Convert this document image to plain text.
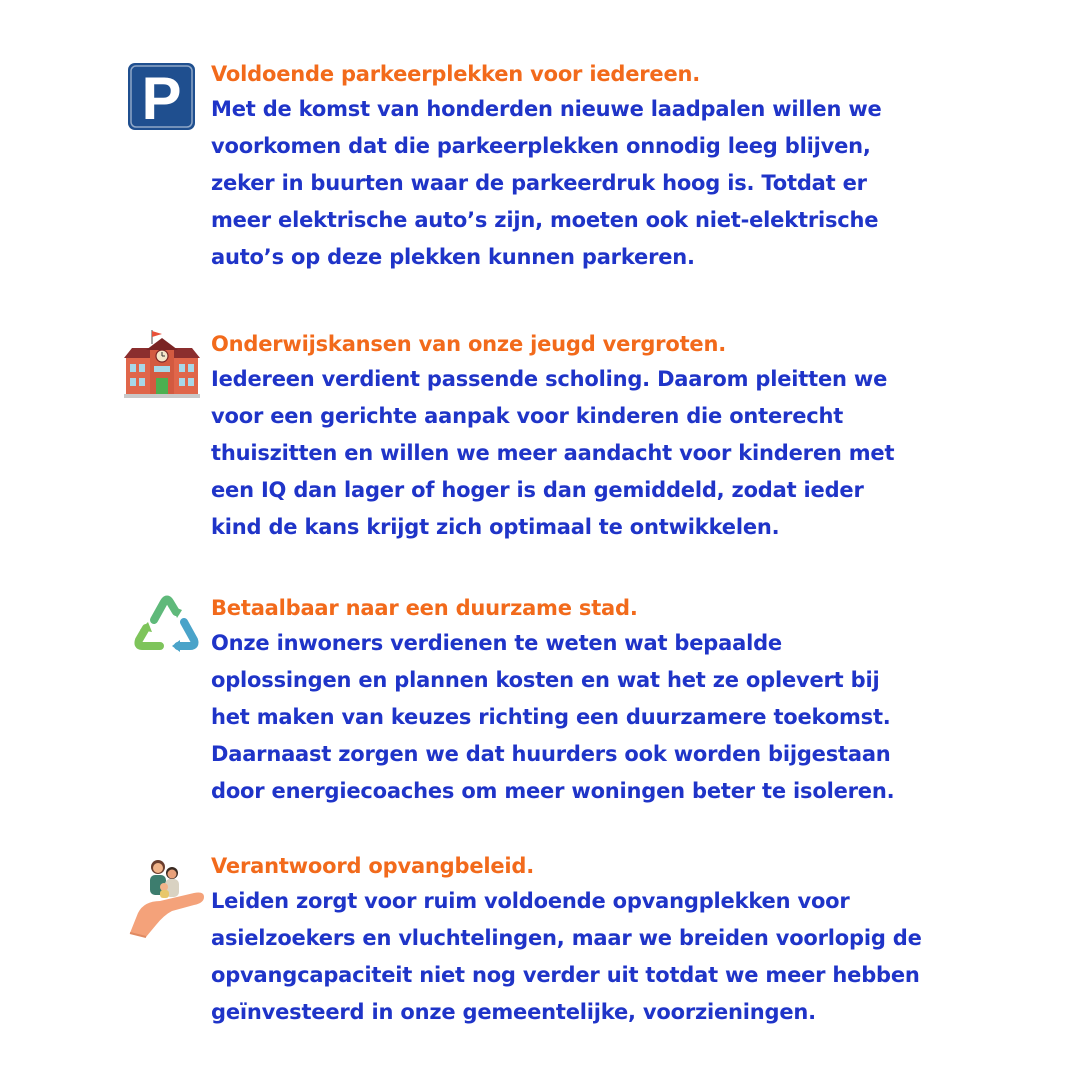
P Voldoende parkeerplekken voor iedereen.
Met de komst van honderden nieuwe laadpalen willen we
voorkomen dat die parkeerplekken onnodig leeg blijven,
zeker in buurten waar de parkeerdruk hoog is. Totdat er
meer elektrische auto’s zijn, moeten ook niet-elektrische
auto’s op deze plekken kunnen parkeren.
Onderwijskansen van onze jeugd vergroten.
Iedereen verdient passende scholing. Daarom pleitten we
voor een gerichte aanpak voor kinderen die onterecht
thuiszitten en willen we meer aandacht voor kinderen met
een IQ dan lager of hoger is dan gemiddeld, zodat ieder
kind de kans krijgt zich optimaal te ontwikkelen.
Betaalbaar naar een duurzame stad.
Onze inwoners verdienen te weten wat bepaalde
oplossingen en plannen kosten en wat het ze oplevert bij
het maken van keuzes richting een duurzamere toekomst.
Daarnaast zorgen we dat huurders ook worden bijgestaan
door energiecoaches om meer woningen beter te isoleren.
Verantwoord opvangbeleid.
Leiden zorgt voor ruim voldoende opvangplekken voor
asielzoekers en vluchtelingen, maar we breiden voorlopig de
opvangcapaciteit niet nog verder uit totdat we meer hebben
geïnvesteerd in onze gemeentelijke, voorzieningen.
